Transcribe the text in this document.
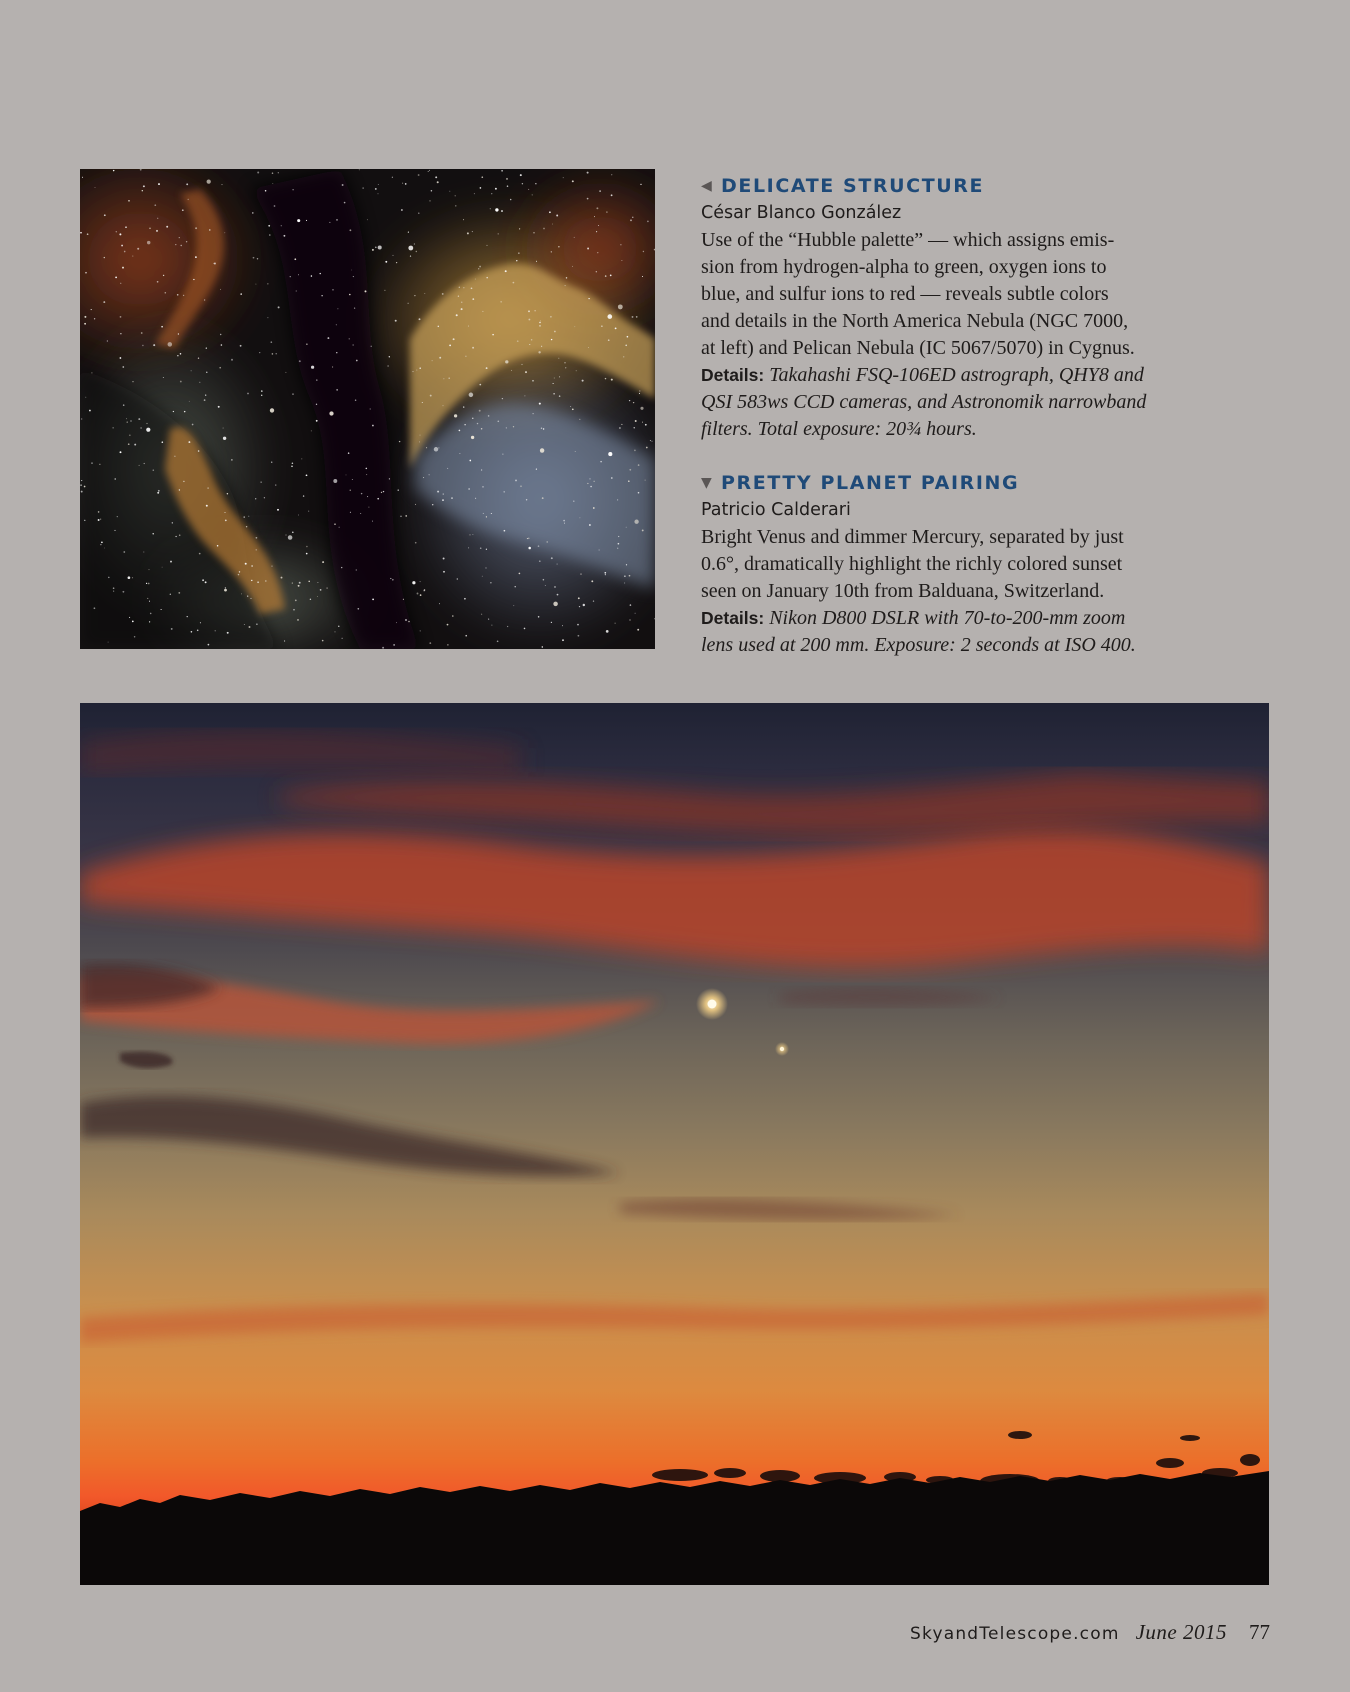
◀ DELICATE STRUCTURE
César Blanco González
Use of the “Hubble palette” — which assigns emis-
sion from hydrogen-alpha to green, oxygen ions to
blue, and sulfur ions to red — reveals subtle colors
and details in the North America Nebula (NGC 7000,
at left) and Pelican Nebula (IC 5067/5070) in Cygnus.
Details: Takahashi FSQ-106ED astrograph, QHY8 and
QSI 583ws CCD cameras, and Astronomik narrowband
filters. Total exposure: 20¾ hours.
▼ PRETTY PLANET PAIRING
Patricio Calderari
Bright Venus and dimmer Mercury, separated by just
0.6°, dramatically highlight the richly colored sunset
seen on January 10th from Balduana, Switzerland.
Details: Nikon D800 DSLR with 70-to-200-mm zoom
lens used at 200 mm. Exposure: 2 seconds at ISO 400.
SkyandTelescope.com June 2015 77
